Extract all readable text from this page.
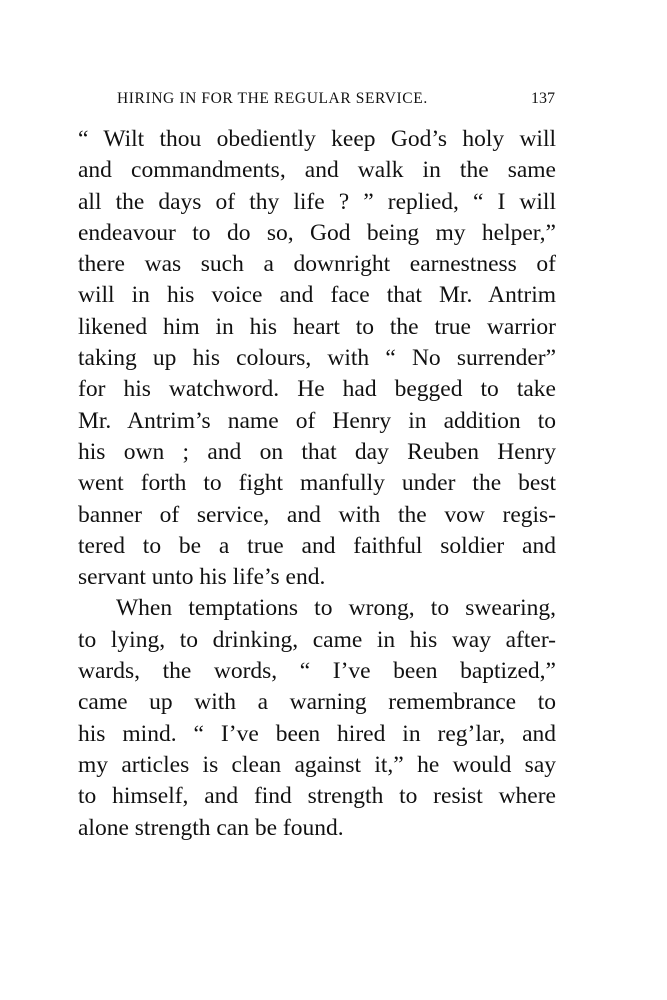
HIRING IN FOR THE REGULAR SERVICE.	137
“ Wilt thou obediently keep God’s holy will
and commandments, and walk in the same
all the days of thy life ? ” replied, “ I will
endeavour to do so, God being my helper,”
there was such a downright earnestness of
will in his voice and face that Mr. Antrim
likened him in his heart to the true warrior
taking up his colours, with “ No surrender”
for his watchword. He had begged to take
Mr. Antrim’s name of Henry in addition to
his own ; and on that day Reuben Henry
went forth to fight manfully under the best
banner of service, and with the vow regis-
tered to be a true and faithful soldier and
servant unto his life’s end.
When temptations to wrong, to swearing,
to lying, to drinking, came in his way after-
wards, the words, “ I’ve been baptized,”
came up with a warning remembrance to
his mind. “ I’ve been hired in reg’lar, and
my articles is clean against it,” he would say
to himself, and find strength to resist where
alone strength can be found.
